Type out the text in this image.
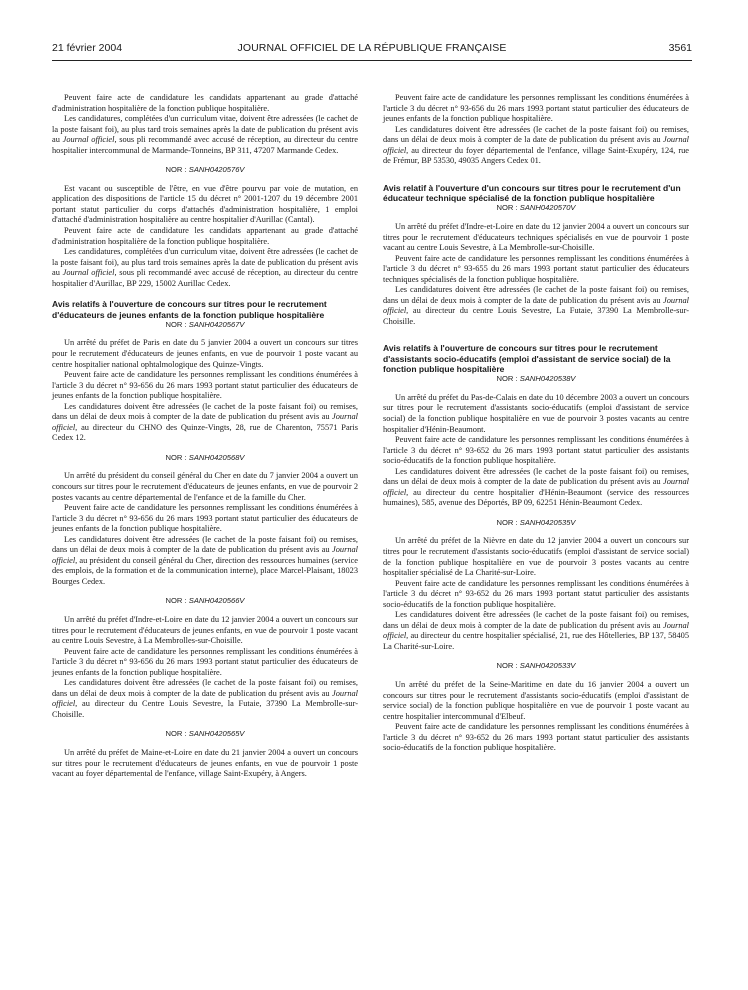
21 février 2004	JOURNAL OFFICIEL DE LA RÉPUBLIQUE FRANÇAISE	3561

Peuvent faire acte de candidature les candidats appartenant au grade d'attaché d'administration hospitalière de la fonction publique hospitalière.

Les candidatures, complétées d'un curriculum vitae, doivent être adressées (le cachet de la poste faisant foi), au plus tard trois semaines après la date de publication du présent avis au Journal officiel, sous pli recommandé avec accusé de réception, au directeur du centre hospitalier intercommunal de Marmande-Tonneins, BP 311, 47207 Marmande Cedex.

NOR : SANH0420576V

Est vacant ou susceptible de l'être, en vue d'être pourvu par voie de mutation, en application des dispositions de l'article 15 du décret n° 2001-1207 du 19 décembre 2001 portant statut particulier du corps d'attachés d'administration hospitalière, 1 emploi d'attaché d'administration hospitalière au centre hospitalier d'Aurillac (Cantal).

Peuvent faire acte de candidature les candidats appartenant au grade d'attaché d'administration hospitalière de la fonction publique hospitalière.

Les candidatures, complétées d'un curriculum vitae, doivent être adressées (le cachet de la poste faisant foi), au plus tard trois semaines après la date de publication du présent avis au Journal officiel, sous pli recommandé avec accusé de réception, au directeur du centre hospitalier d'Aurillac, BP 229, 15002 Aurillac Cedex.

Avis relatifs à l'ouverture de concours sur titres pour le recrutement d'éducateurs de jeunes enfants de la fonction publique hospitalière
NOR : SANH0420567V

Un arrêté du préfet de Paris en date du 5 janvier 2004 a ouvert un concours sur titres pour le recrutement d'éducateurs de jeunes enfants, en vue de pourvoir 1 poste vacant au centre hospitalier national ophtalmologique des Quinze-Vingts.

Peuvent faire acte de candidature les personnes remplissant les conditions énumérées à l'article 3 du décret n° 93-656 du 26 mars 1993 portant statut particulier des éducateurs de jeunes enfants de la fonction publique hospitalière.

Les candidatures doivent être adressées (le cachet de la poste faisant foi) ou remises, dans un délai de deux mois à compter de la date de publication du présent avis au Journal officiel, au directeur du CHNO des Quinze-Vingts, 28, rue de Charenton, 75571 Paris Cedex 12.

NOR : SANH0420568V

Un arrêté du président du conseil général du Cher en date du 7 janvier 2004 a ouvert un concours sur titres pour le recrutement d'éducateurs de jeunes enfants, en vue de pourvoir 2 postes vacants au centre départemental de l'enfance et de la famille du Cher.

Peuvent faire acte de candidature les personnes remplissant les conditions énumérées à l'article 3 du décret n° 93-656 du 26 mars 1993 portant statut particulier des éducateurs de jeunes enfants de la fonction publique hospitalière.

Les candidatures doivent être adressées (le cachet de la poste faisant foi) ou remises, dans un délai de deux mois à compter de la date de publication du présent avis au Journal officiel, au président du conseil général du Cher, direction des ressources humaines (service des emplois, de la formation et de la communication interne), place Marcel-Plaisant, 18023 Bourges Cedex.

NOR : SANH0420566V

Un arrêté du préfet d'Indre-et-Loire en date du 12 janvier 2004 a ouvert un concours sur titres pour le recrutement d'éducateurs de jeunes enfants, en vue de pourvoir 1 poste vacant au centre Louis Sevestre, à La Membrolles-sur-Choisille.

Peuvent faire acte de candidature les personnes remplissant les conditions énumérées à l'article 3 du décret n° 93-656 du 26 mars 1993 portant statut particulier des éducateurs de jeunes enfants de la fonction publique hospitalière.

Les candidatures doivent être adressées (le cachet de la poste faisant foi) ou remises, dans un délai de deux mois à compter de la date de publication du présent avis au Journal officiel, au directeur du Centre Louis Sevestre, la Futaie, 37390 La Membrolle-sur-Choisille.

NOR : SANH0420565V

Un arrêté du préfet de Maine-et-Loire en date du 21 janvier 2004 a ouvert un concours sur titres pour le recrutement d'éducateurs de jeunes enfants, en vue de pourvoir 1 poste vacant au foyer départemental de l'enfance, village Saint-Exupéry, à Angers.

Peuvent faire acte de candidature les personnes remplissant les conditions énumérées à l'article 3 du décret n° 93-656 du 26 mars 1993 portant statut particulier des éducateurs de jeunes enfants de la fonction publique hospitalière.

Les candidatures doivent être adressées (le cachet de la poste faisant foi) ou remises, dans un délai de deux mois à compter de la date de publication du présent avis au Journal officiel, au directeur du foyer départemental de l'enfance, village Saint-Exupéry, 124, rue de Frémur, BP 53530, 49035 Angers Cedex 01.

Avis relatif à l'ouverture d'un concours sur titres pour le recrutement d'un éducateur technique spécialisé de la fonction publique hospitalière
NOR : SANH0420570V

Un arrêté du préfet d'Indre-et-Loire en date du 12 janvier 2004 a ouvert un concours sur titres pour le recrutement d'éducateurs techniques spécialisés en vue de pourvoir 1 poste vacant au centre Louis Sevestre, à La Membrolle-sur-Choisille.

Peuvent faire acte de candidature les personnes remplissant les conditions énumérées à l'article 3 du décret n° 93-655 du 26 mars 1993 portant statut particulier des éducateurs techniques spécialisés de la fonction publique hospitalière.

Les candidatures doivent être adressées (le cachet de la poste faisant foi) ou remises, dans un délai de deux mois à compter de la date de publication du présent avis au Journal officiel, au directeur du centre Louis Sevestre, La Futaie, 37390 La Membrolle-sur-Choisille.

Avis relatifs à l'ouverture de concours sur titres pour le recrutement d'assistants socio-éducatifs (emploi d'assistant de service social) de la fonction publique hospitalière
NOR : SANH0420538V

Un arrêté du préfet du Pas-de-Calais en date du 10 décembre 2003 a ouvert un concours sur titres pour le recrutement d'assistants socio-éducatifs (emploi d'assistant de service social) de la fonction publique hospitalière en vue de pourvoir 3 postes vacants au centre hospitalier d'Hénin-Beaumont.

Peuvent faire acte de candidature les personnes remplissant les conditions énumérées à l'article 3 du décret n° 93-652 du 26 mars 1993 portant statut particulier des assistants socio-éducatifs de la fonction publique hospitalière.

Les candidatures doivent être adressées (le cachet de la poste faisant foi) ou remises, dans un délai de deux mois à compter de la date de publication du présent avis au Journal officiel, au directeur du centre hospitalier d'Hénin-Beaumont (service des ressources humaines), 585, avenue des Déportés, BP 09, 62251 Hénin-Beaumont Cedex.

NOR : SANH0420535V

Un arrêté du préfet de la Nièvre en date du 12 janvier 2004 a ouvert un concours sur titres pour le recrutement d'assistants socio-éducatifs (emploi d'assistant de service social) de la fonction publique hospitalière en vue de pourvoir 3 postes vacants au centre hospitalier spécialisé de La Charité-sur-Loire.

Peuvent faire acte de candidature les personnes remplissant les conditions énumérées à l'article 3 du décret n° 93-652 du 26 mars 1993 portant statut particulier des assistants socio-éducatifs de la fonction publique hospitalière.

Les candidatures doivent être adressées (le cachet de la poste faisant foi) ou remises, dans un délai de deux mois à compter de la date de publication du présent avis au Journal officiel, au directeur du centre hospitalier spécialisé, 21, rue des Hôtelleries, BP 137, 58405 La Charité-sur-Loire.

NOR : SANH0420533V

Un arrêté du préfet de la Seine-Maritime en date du 16 janvier 2004 a ouvert un concours sur titres pour le recrutement d'assistants socio-éducatifs (emploi d'assistant de service social) de la fonction publique hospitalière en vue de pourvoir 1 poste vacant au centre hospitalier intercommunal d'Elbeuf.

Peuvent faire acte de candidature les personnes remplissant les conditions énumérées à l'article 3 du décret n° 93-652 du 26 mars 1993 portant statut particulier des assistants socio-éducatifs de la fonction publique hospitalière.
